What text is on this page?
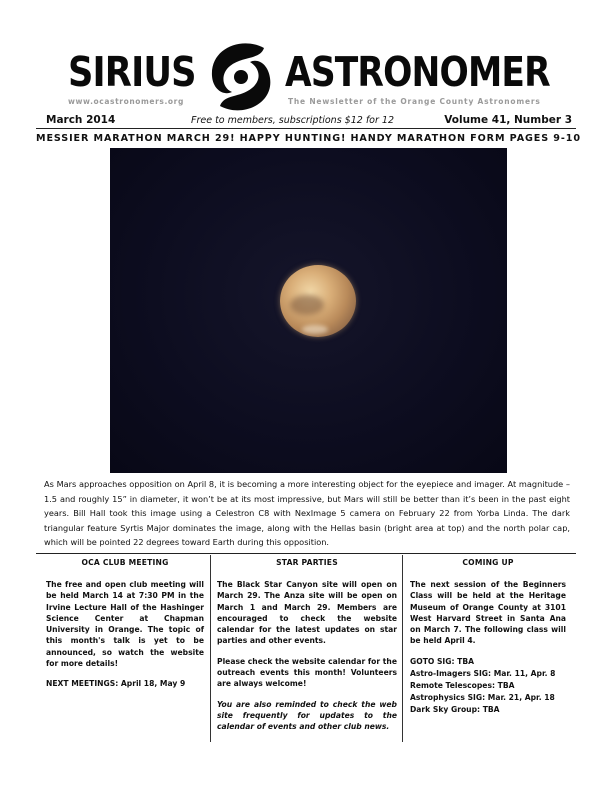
SIRIUS ASTRONOMER
www.ocastronomers.org	The Newsletter of the Orange County Astronomers
March 2014	Free to members, subscriptions $12 for 12	Volume 41, Number 3
MESSIER MARATHON MARCH 29! HAPPY HUNTING! HANDY MARATHON FORM PAGES 9-10
As Mars approaches opposition on April 8, it is becoming a more interesting object for the eyepiece and imager. At magnitude –1.5 and roughly 15” in diameter, it won’t be at its most impressive, but Mars will still be better than it’s been in the past eight years. Bill Hall took this image using a Celestron C8 with NexImage 5 camera on February 22 from Yorba Linda. The dark triangular feature Syrtis Major dominates the image, along with the Hellas basin (bright area at top) and the north polar cap, which will be pointed 22 degrees toward Earth during this opposition.
OCA CLUB MEETING

The free and open club meeting will be held March 14 at 7:30 PM in the Irvine Lecture Hall of the Hashinger Science Center at Chapman University in Orange. The topic of this month's talk is yet to be announced, so watch the website for more details!

NEXT MEETINGS: April 18, May 9

STAR PARTIES

The Black Star Canyon site will open on March 29. The Anza site will be open on March 1 and March 29. Members are encouraged to check the website calendar for the latest updates on star parties and other events.

Please check the website calendar for the outreach events this month! Volunteers are always welcome!

You are also reminded to check the web site frequently for updates to the calendar of events and other club news.

COMING UP

The next session of the Beginners Class will be held at the Heritage Museum of Orange County at 3101 West Harvard Street in Santa Ana on March 7. The following class will be held April 4.

GOTO SIG: TBA
Astro-Imagers SIG: Mar. 11, Apr. 8
Remote Telescopes: TBA
Astrophysics SIG: Mar. 21, Apr. 18
Dark Sky Group: TBA
